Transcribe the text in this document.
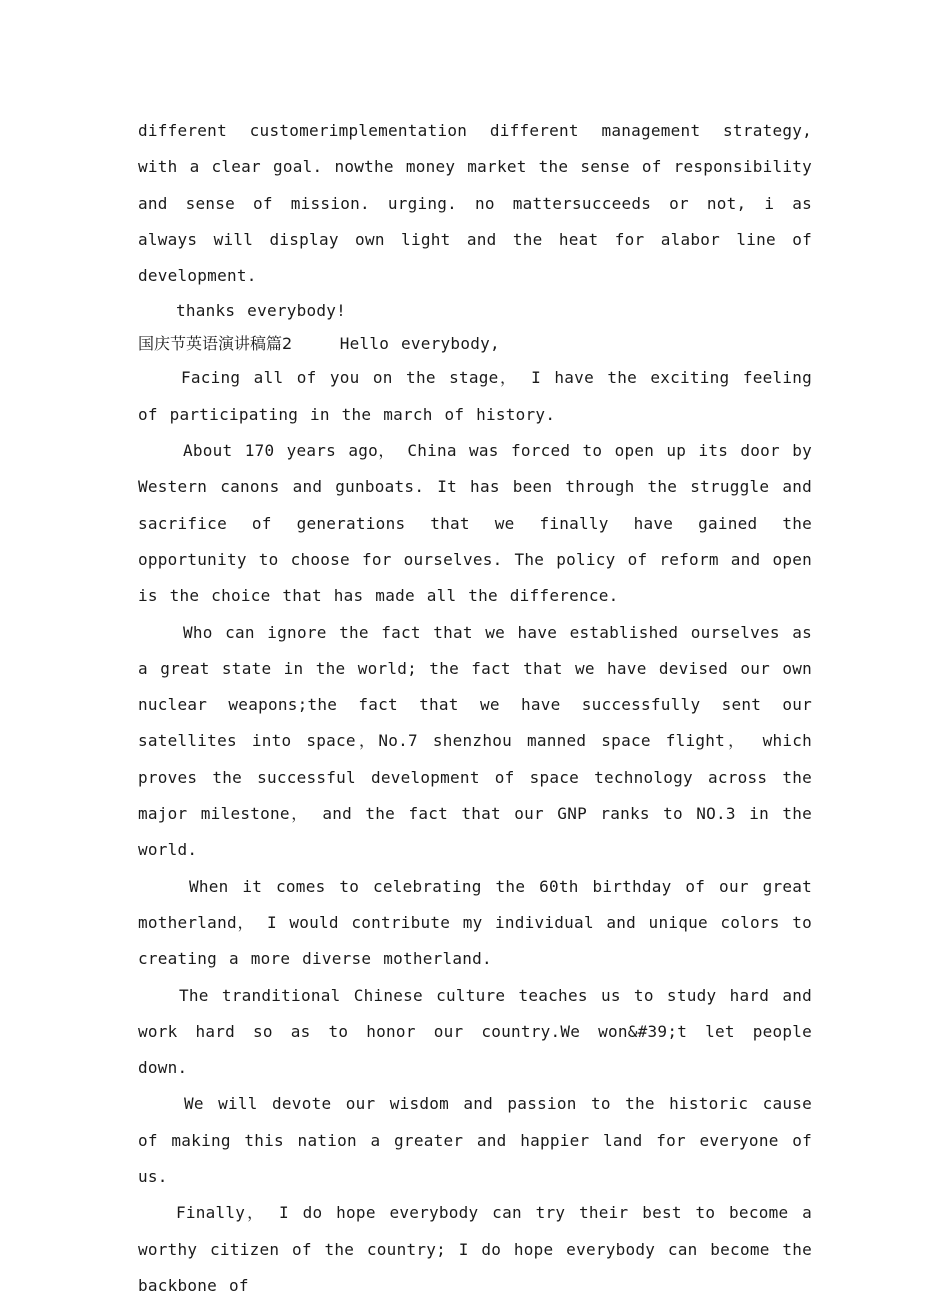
different customerimplementation different management strategy, with a clear goal. nowthe money market the sense of responsibility and sense of mission. urging. no mattersucceeds or not, i as always will display own light and the heat for alabor line of development.

thanks everybody!

国庆节英语演讲稿篇2	Hello everybody,

Facing all of you on the stage， I have the exciting feeling of participating in the march of history.

About 170 years ago， China was forced to open up its door by Western canons and gunboats. It has been through the struggle and sacrifice of generations that we finally have gained the opportunity to choose for ourselves. The policy of reform and open is the choice that has made all the difference.

Who can ignore the fact that we have established ourselves as a great state in the world; the fact that we have devised our own nuclear weapons;the fact that we have successfully sent our satellites into space，No.7 shenzhou manned space flight， which proves the successful development of space technology across the major milestone， and the fact that our GNP ranks to NO.3 in the world.

When it comes to celebrating the 60th birthday of our great motherland， I would contribute my individual and unique colors to creating a more diverse motherland.

The tranditional Chinese culture teaches us to study hard and work hard so as to honor our country.We won&#39;t let people down.

We will devote our wisdom and passion to the historic cause of making this nation a greater and happier land for everyone of us.

Finally， I do hope everybody can try their best to become a worthy citizen of the country; I do hope everybody can become the backbone of
